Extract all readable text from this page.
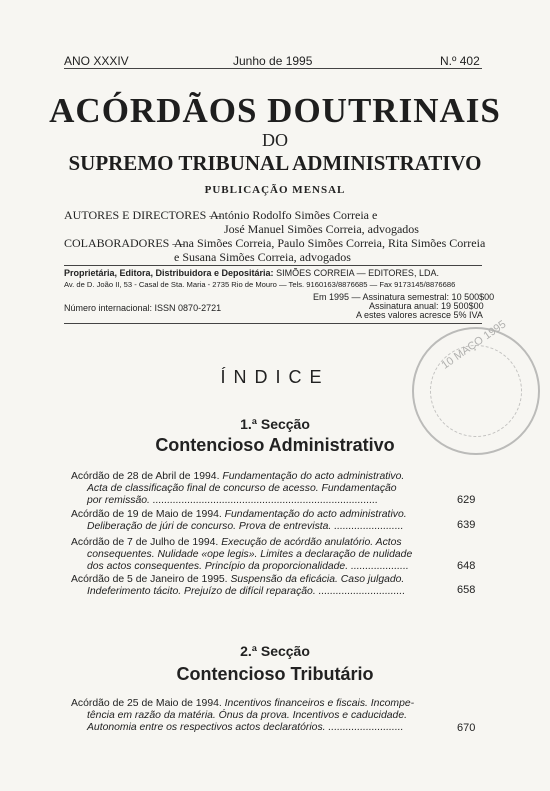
ANO XXXIV	Junho de 1995	N.º 402
ACÓRDÃOS DOUTRINAIS
DO
SUPREMO TRIBUNAL ADMINISTRATIVO
PUBLICAÇÃO MENSAL
AUTORES E DIRECTORES —
António Rodolfo Simões Correia e
José Manuel Simões Correia, advogados
COLABORADORES —
Ana Simões Correia, Paulo Simões Correia, Rita Simões Correia
e Susana Simões Correia, advogados
Proprietária, Editora, Distribuidora e Depositária: SIMÕES CORREIA — EDITORES, LDA.
Av. de D. João II, 53 - Casal de Sta. Maria - 2735 Rio de Mouro — Tels. 9160163/8876685 — Fax 9173145/8876686
Em 1995 — Assinatura semestral: 10 500$00
Assinatura anual: 19 500$00
A estes valores acresce 5% IVA
Número internacional: ISSN 0870-2721
10 MAÇO 1995
ÍNDICE
1.ª Secção
Contencioso Administrativo
Acórdão de 28 de Abril de 1994. Fundamentação do acto administrativo.
Acta de classificação final de concurso de acesso. Fundamentação
por remissão. ..............................................................................	629
Acórdão de 19 de Maio de 1994. Fundamentação do acto administrativo.
Deliberação de júri de concurso. Prova de entrevista. ........................	639
Acórdão de 7 de Julho de 1994. Execução de acórdão anulatório. Actos
consequentes. Nulidade «ope legis». Limites a declaração de nulidade
dos actos consequentes. Princípio da proporcionalidade. ....................	648
Acórdão de 5 de Janeiro de 1995. Suspensão da eficácia. Caso julgado.
Indeferimento tácito. Prejuízo de difícil reparação. ..............................	658
2.ª Secção
Contencioso Tributário
Acórdão de 25 de Maio de 1994. Incentivos financeiros e fiscais. Incompe-
tência em razão da matéria. Ónus da prova. Incentivos e caducidade.
Autonomia entre os respectivos actos declaratórios. ..........................	670
